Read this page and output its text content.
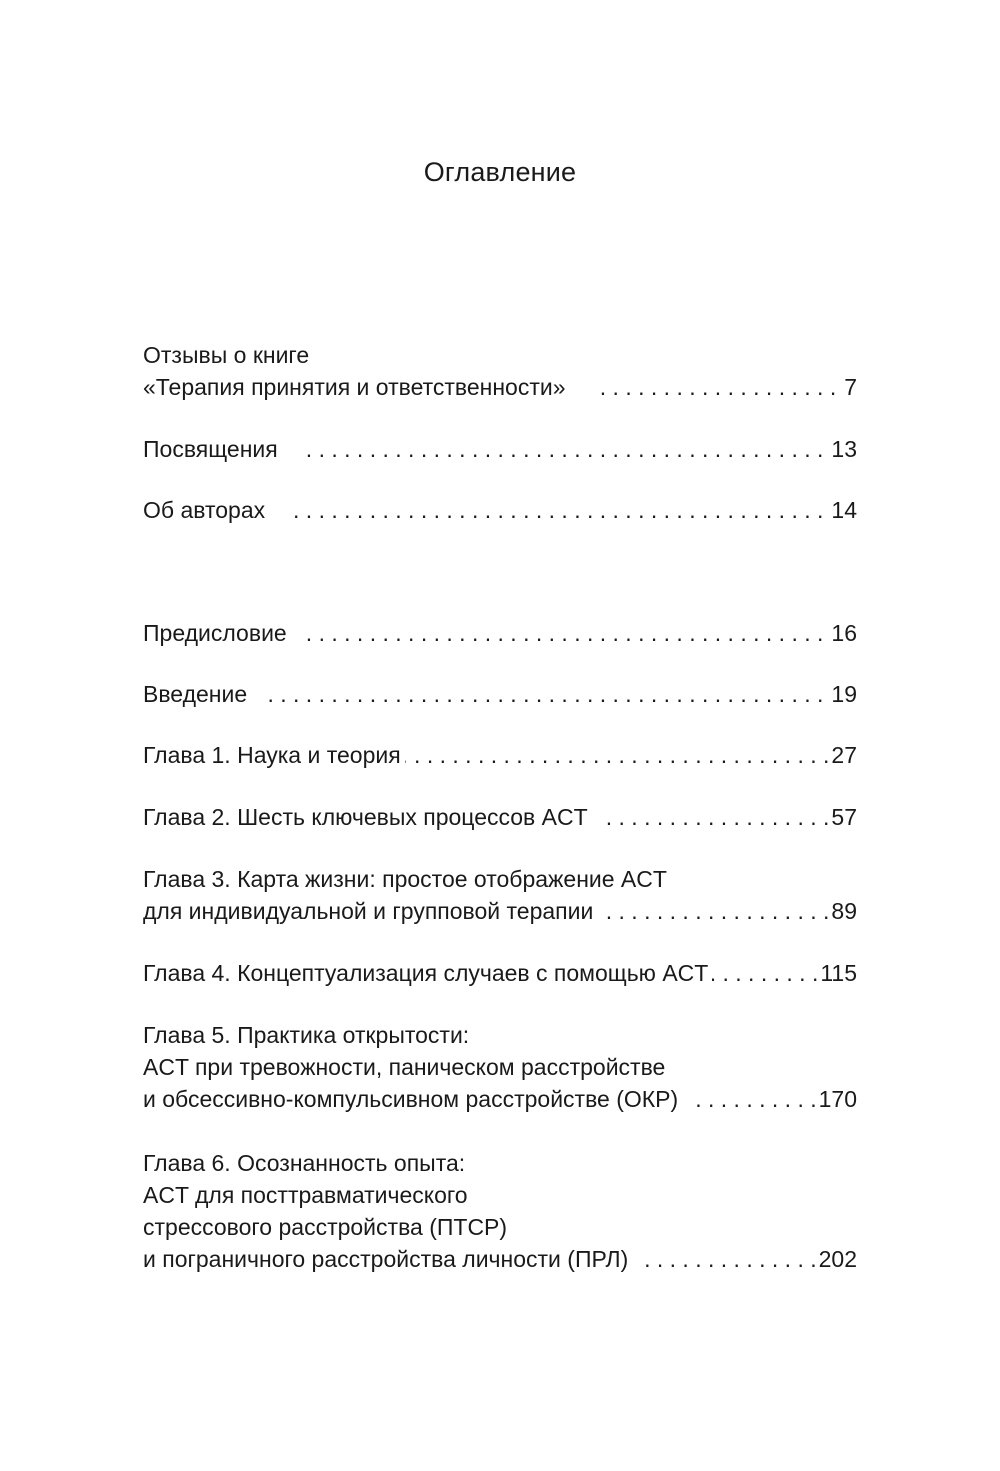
Оглавление
Отзывы о книге
«Терапия принятия и ответственности» . . .	7
Посвящения . . .	13
Об авторах . . .	14
Предисловие . . .	16
Введение . . .	19
Глава 1. Наука и теория . . .	27
Глава 2. Шесть ключевых процессов ACT . . .	57
Глава 3. Карта жизни: простое отображение ACT
для индивидуальной и групповой терапии . . .	89
Глава 4. Концептуализация случаев с помощью ACT . . .	115
Глава 5. Практика открытости:
ACT при тревожности, паническом расстройстве
и обсессивно-компульсивном расстройстве (ОКР) . . .	170
Глава 6. Осознанность опыта:
ACT для посттравматического
стрессового расстройства (ПТСР)
и пограничного расстройства личности (ПРЛ) . . .	202
